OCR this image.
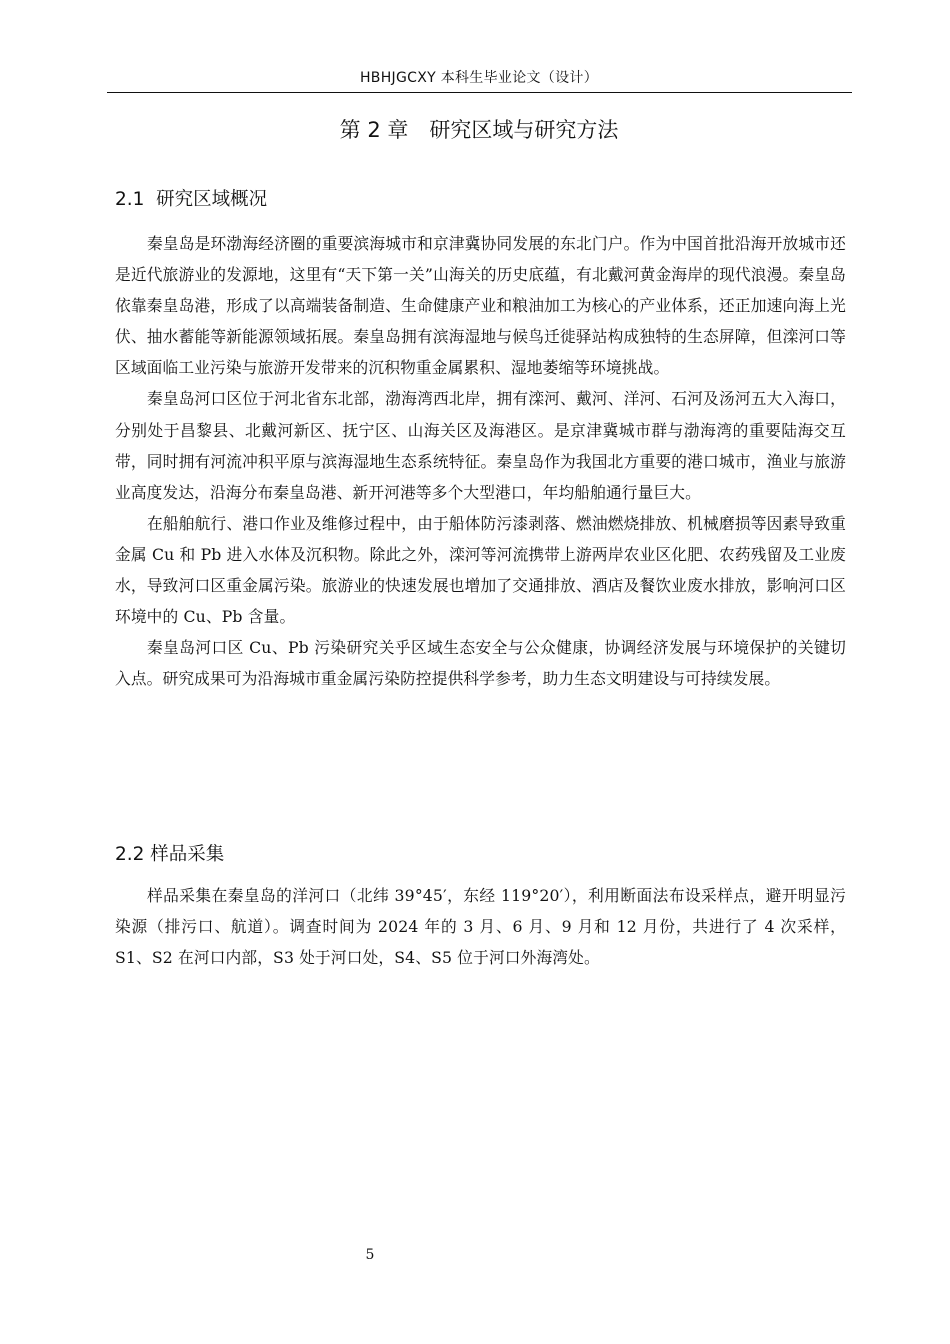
HBHJGCXY 本科生毕业论文（设计）
第 2 章　研究区域与研究方法
2.1  研究区域概况

秦皇岛是环渤海经济圈的重要滨海城市和京津冀协同发展的东北门户。作为中国首批沿海开放城市还是近代旅游业的发源地，这里有“天下第一关”山海关的历史底蕴，有北戴河黄金海岸的现代浪漫。秦皇岛依靠秦皇岛港，形成了以高端装备制造、生命健康产业和粮油加工为核心的产业体系，还正加速向海上光伏、抽水蓄能等新能源领域拓展。秦皇岛拥有滨海湿地与候鸟迁徙驿站构成独特的生态屏障，但滦河口等区域面临工业污染与旅游开发带来的沉积物重金属累积、湿地萎缩等环境挑战。

秦皇岛河口区位于河北省东北部，渤海湾西北岸，拥有滦河、戴河、洋河、石河及汤河五大入海口，分别处于昌黎县、北戴河新区、抚宁区、山海关区及海港区。是京津冀城市群与渤海湾的重要陆海交互带，同时拥有河流冲积平原与滨海湿地生态系统特征。秦皇岛作为我国北方重要的港口城市，渔业与旅游业高度发达，沿海分布秦皇岛港、新开河港等多个大型港口，年均船舶通行量巨大。

在船舶航行、港口作业及维修过程中，由于船体防污漆剥落、燃油燃烧排放、机械磨损等因素导致重金属 Cu 和 Pb 进入水体及沉积物。除此之外，滦河等河流携带上游两岸农业区化肥、农药残留及工业废水，导致河口区重金属污染。旅游业的快速发展也增加了交通排放、酒店及餐饮业废水排放，影响河口区环境中的 Cu、Pb 含量。

秦皇岛河口区 Cu、Pb 污染研究关乎区域生态安全与公众健康，协调经济发展与环境保护的关键切入点。研究成果可为沿海城市重金属污染防控提供科学参考，助力生态文明建设与可持续发展。

2.2 样品采集

样品采集在秦皇岛的洋河口（北纬 39°45′，东经 119°20′），利用断面法布设采样点，避开明显污染源（排污口、航道）。调查时间为 2024 年的 3 月、6 月、9 月和 12 月份，共进行了 4 次采样，S1、S2 在河口内部，S3 处于河口处，S4、S5 位于河口外海湾处。

5
